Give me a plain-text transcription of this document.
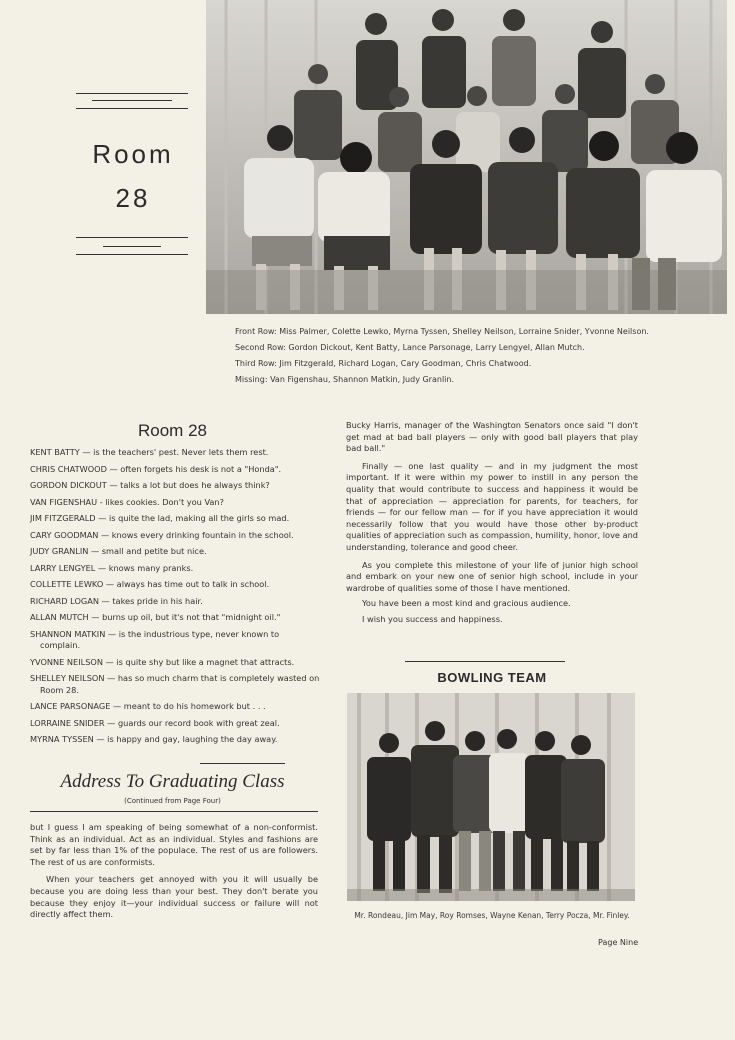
Room
28

Front Row: Miss Palmer, Colette Lewko, Myrna Tyssen, Shelley Neilson, Lorraine Snider, Yvonne Neilson.

Second Row: Gordon Dickout, Kent Batty, Lance Parsonage, Larry Lengyel, Allan Mutch.

Third Row: Jim Fitzgerald, Richard Logan, Cary Goodman, Chris Chatwood.

Missing: Van Figenshau, Shannon Matkin, Judy Granlin.

Room 28
KENT BATTY — is the teachers' pest. Never lets them rest.
CHRIS CHATWOOD — often forgets his desk is not a "Honda".
GORDON DICKOUT — talks a lot but does he always think?
VAN FIGENSHAU - likes cookies. Don't you Van?
JIM FITZGERALD — is quite the lad, making all the girls so mad.
CARY GOODMAN — knows every drinking fountain in the school.
JUDY GRANLIN — small and petite but nice.
LARRY LENGYEL — knows many pranks.
COLLETTE LEWKO — always has time out to talk in school.
RICHARD LOGAN — takes pride in his hair.
ALLAN MUTCH — burns up oil, but it's not that "midnight oil."
SHANNON MATKIN — is the industrious type, never known to complain.
YVONNE NEILSON — is quite shy but like a magnet that attracts.
SHELLEY NEILSON — has so much charm that is completely wasted on Room 28.
LANCE PARSONAGE — meant to do his homework but . . .
LORRAINE SNIDER — guards our record book with great zeal.
MYRNA TYSSEN — is happy and gay, laughing the day away.
Address To Graduating Class
(Continued from Page Four)

but I guess I am speaking of being somewhat of a non-conformist. Think as an individual. Act as an individual. Styles and fashions are set by far less than 1% of the populace. The rest of us are followers. The rest of us are conformists.

When your teachers get annoyed with you it will usually be because you are doing less than your best. They don't berate you because they enjoy it—your individual success or failure will not directly affect them.

Bucky Harris, manager of the Washington Senators once said "I don't get mad at bad ball players — only with good ball players that play bad ball."

Finally — one last quality — and in my judgment the most important. If it were within my power to instill in any person the quality that would contribute to success and happiness it would be that of appreciation — appreciation for parents, for teachers, for friends — for our fellow man — for if you have appreciation it would necessarily follow that you would have those other by-product qualities of appreciation such as compassion, humility, honor, love and understanding, tolerance and good cheer.

As you complete this milestone of your life of junior high school and embark on your new one of senior high school, include in your wardrobe of qualities some of those I have mentioned.

You have been a most kind and gracious audience.

I wish you success and happiness.

BOWLING TEAM
Mr. Rondeau, Jim May, Roy Romses, Wayne Kenan, Terry Pocza, Mr. Finley.
Page Nine
